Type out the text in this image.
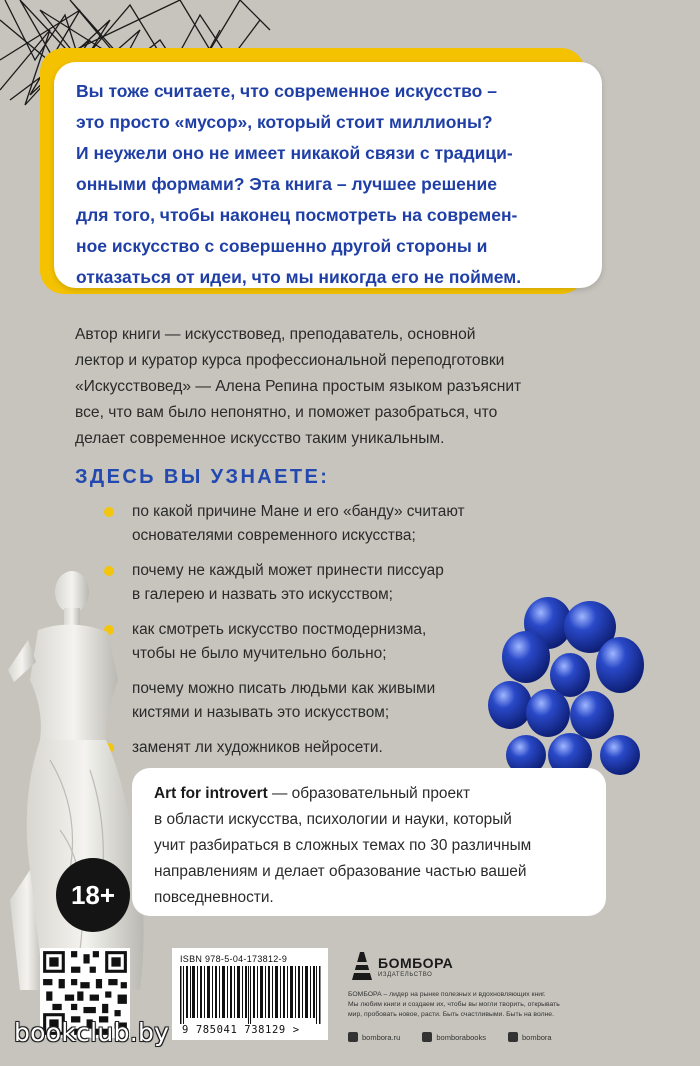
Вы тоже считаете, что современное искусство –
это просто «мусор», который стоит миллионы?
И неужели оно не имеет никакой связи с традици-
онными формами? Эта книга – лучшее решение
для того, чтобы наконец посмотреть на современ-
ное искусство с совершенно другой стороны и
отказаться от идеи, что мы никогда его не поймем.

Автор книги — искусствовед, преподаватель, основной
лектор и куратор курса профессиональной переподготовки
«Искусствовед» — Алена Репина простым языком разъяснит
все, что вам было непонятно, и поможет разобраться, что
делает современное искусство таким уникальным.

ЗДЕСЬ ВЫ УЗНАЕТЕ:
по какой причине Мане и его «банду» считают
основателями современного искусства;
почему не каждый может принести писсуар
в галерею и назвать это искусством;
как смотреть искусство постмодернизма,
чтобы не было мучительно больно;
почему можно писать людьми как живыми
кистями и называть это искусством;
заменят ли художников нейросети.

Art for introvert — образовательный проект
в области искусства, психологии и науки, который
учит разбираться в сложных темах по 30 различным
направлениям и делает образование частью вашей
повседневности.

18+
ISBN 978-5-04-173812-9
9 785041 738129 >
БОМБОРА
ИЗДАТЕЛЬСТВО

БОМБОРА – лидер на рынке полезных и вдохновляющих книг.
Мы любим книги и создаем их, чтобы вы могли творить, открывать
мир, пробовать новое, расти. Быть счастливыми. Быть на волне.

bombora.ru	bomborabooks	bombora
bookclub.by
